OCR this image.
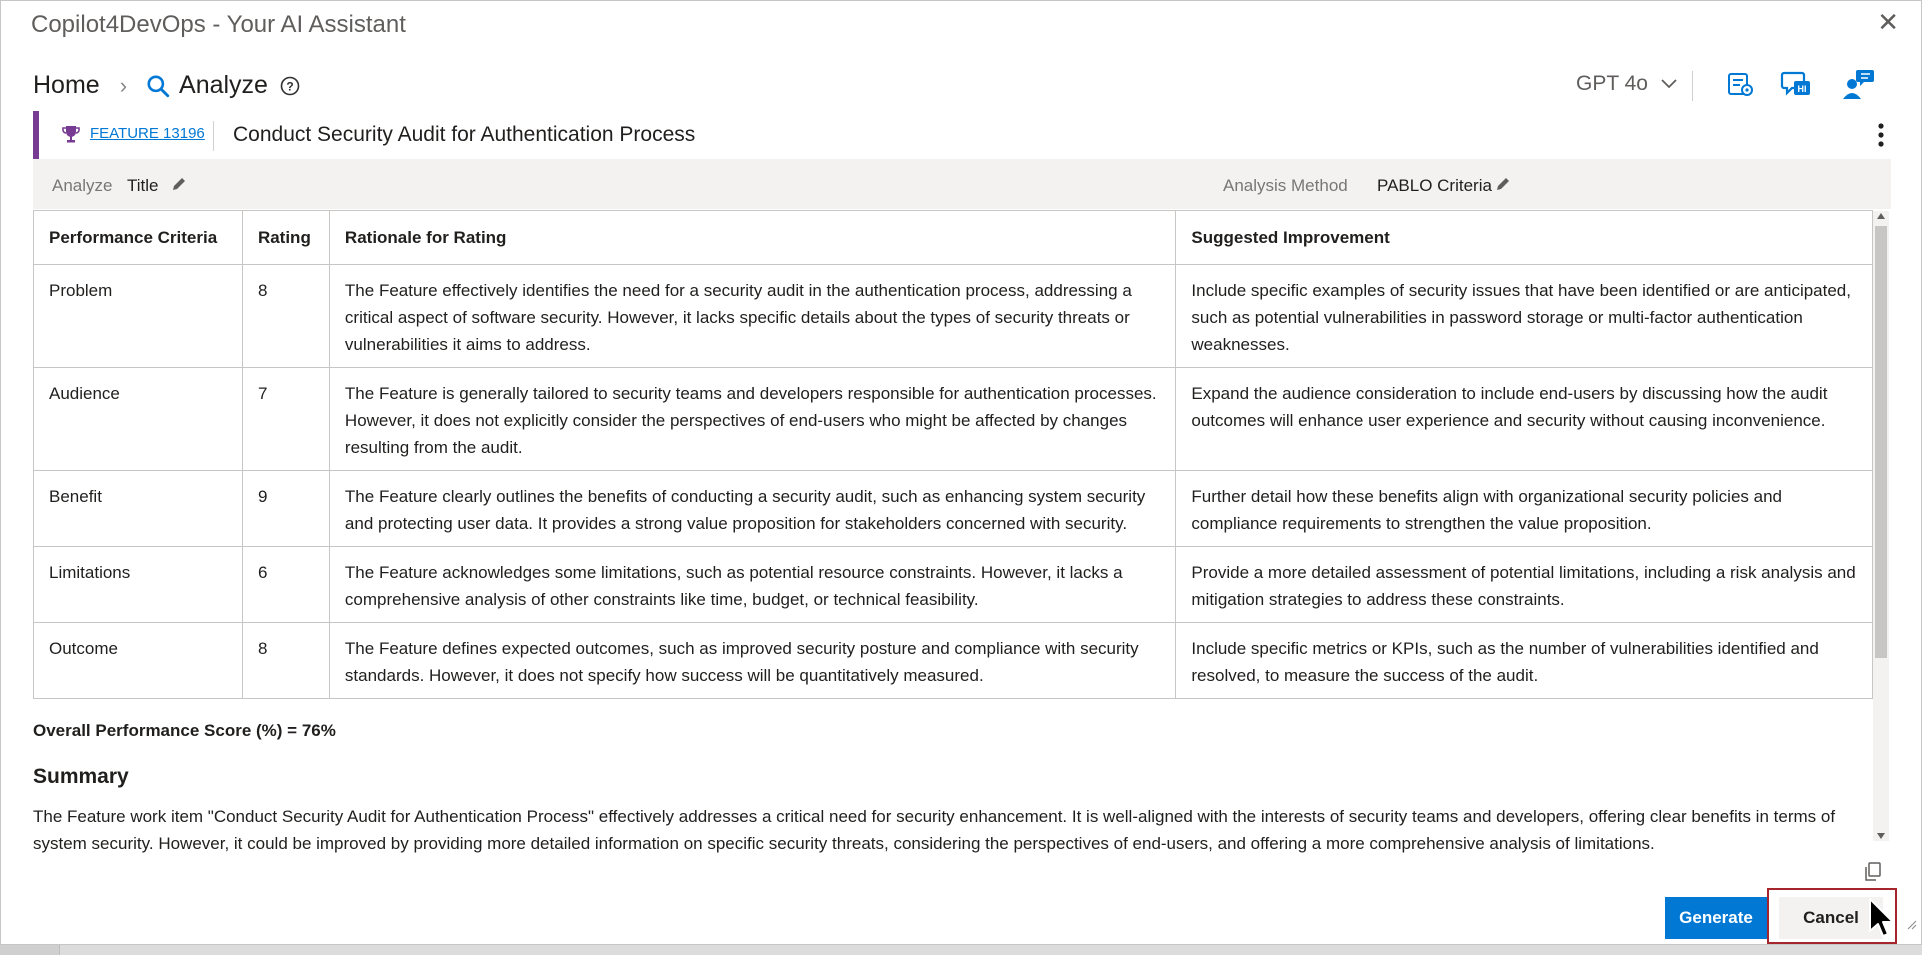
Copilot4DevOps - Your AI Assistant	✕
Home › Analyze ?	GPT 4o	HI
FEATURE 13196 Conduct Security Audit for Authentication Process
Analyze Title	Analysis Method PABLO Criteria
Performance Criteria	Rating	Rationale for Rating	Suggested Improvement
Problem	8	The Feature effectively identifies the need for a security audit in the authentication process, addressing a critical aspect of software security. However, it lacks specific details about the types of security threats or vulnerabilities it aims to address.	Include specific examples of security issues that have been identified or are anticipated, such as potential vulnerabilities in password storage or multi-factor authentication weaknesses.
Audience	7	The Feature is generally tailored to security teams and developers responsible for authentication processes. However, it does not explicitly consider the perspectives of end-users who might be affected by changes resulting from the audit.	Expand the audience consideration to include end-users by discussing how the audit outcomes will enhance user experience and security without causing inconvenience.
Benefit	9	The Feature clearly outlines the benefits of conducting a security audit, such as enhancing system security and protecting user data. It provides a strong value proposition for stakeholders concerned with security.	Further detail how these benefits align with organizational security policies and compliance requirements to strengthen the value proposition.
Limitations	6	The Feature acknowledges some limitations, such as potential resource constraints. However, it lacks a comprehensive analysis of other constraints like time, budget, or technical feasibility.	Provide a more detailed assessment of potential limitations, including a risk analysis and mitigation strategies to address these constraints.
Outcome	8	The Feature defines expected outcomes, such as improved security posture and compliance with security standards. However, it does not specify how success will be quantitatively measured.	Include specific metrics or KPIs, such as the number of vulnerabilities identified and resolved, to measure the success of the audit.
Overall Performance Score (%) = 76%
Summary
The Feature work item "Conduct Security Audit for Authentication Process" effectively addresses a critical need for security enhancement. It is well-aligned with the interests of security teams and developers, offering clear benefits in terms of system security. However, it could be improved by providing more detailed information on specific security threats, considering the perspectives of end-users, and offering a more comprehensive analysis of limitations.
Generate	Cancel
